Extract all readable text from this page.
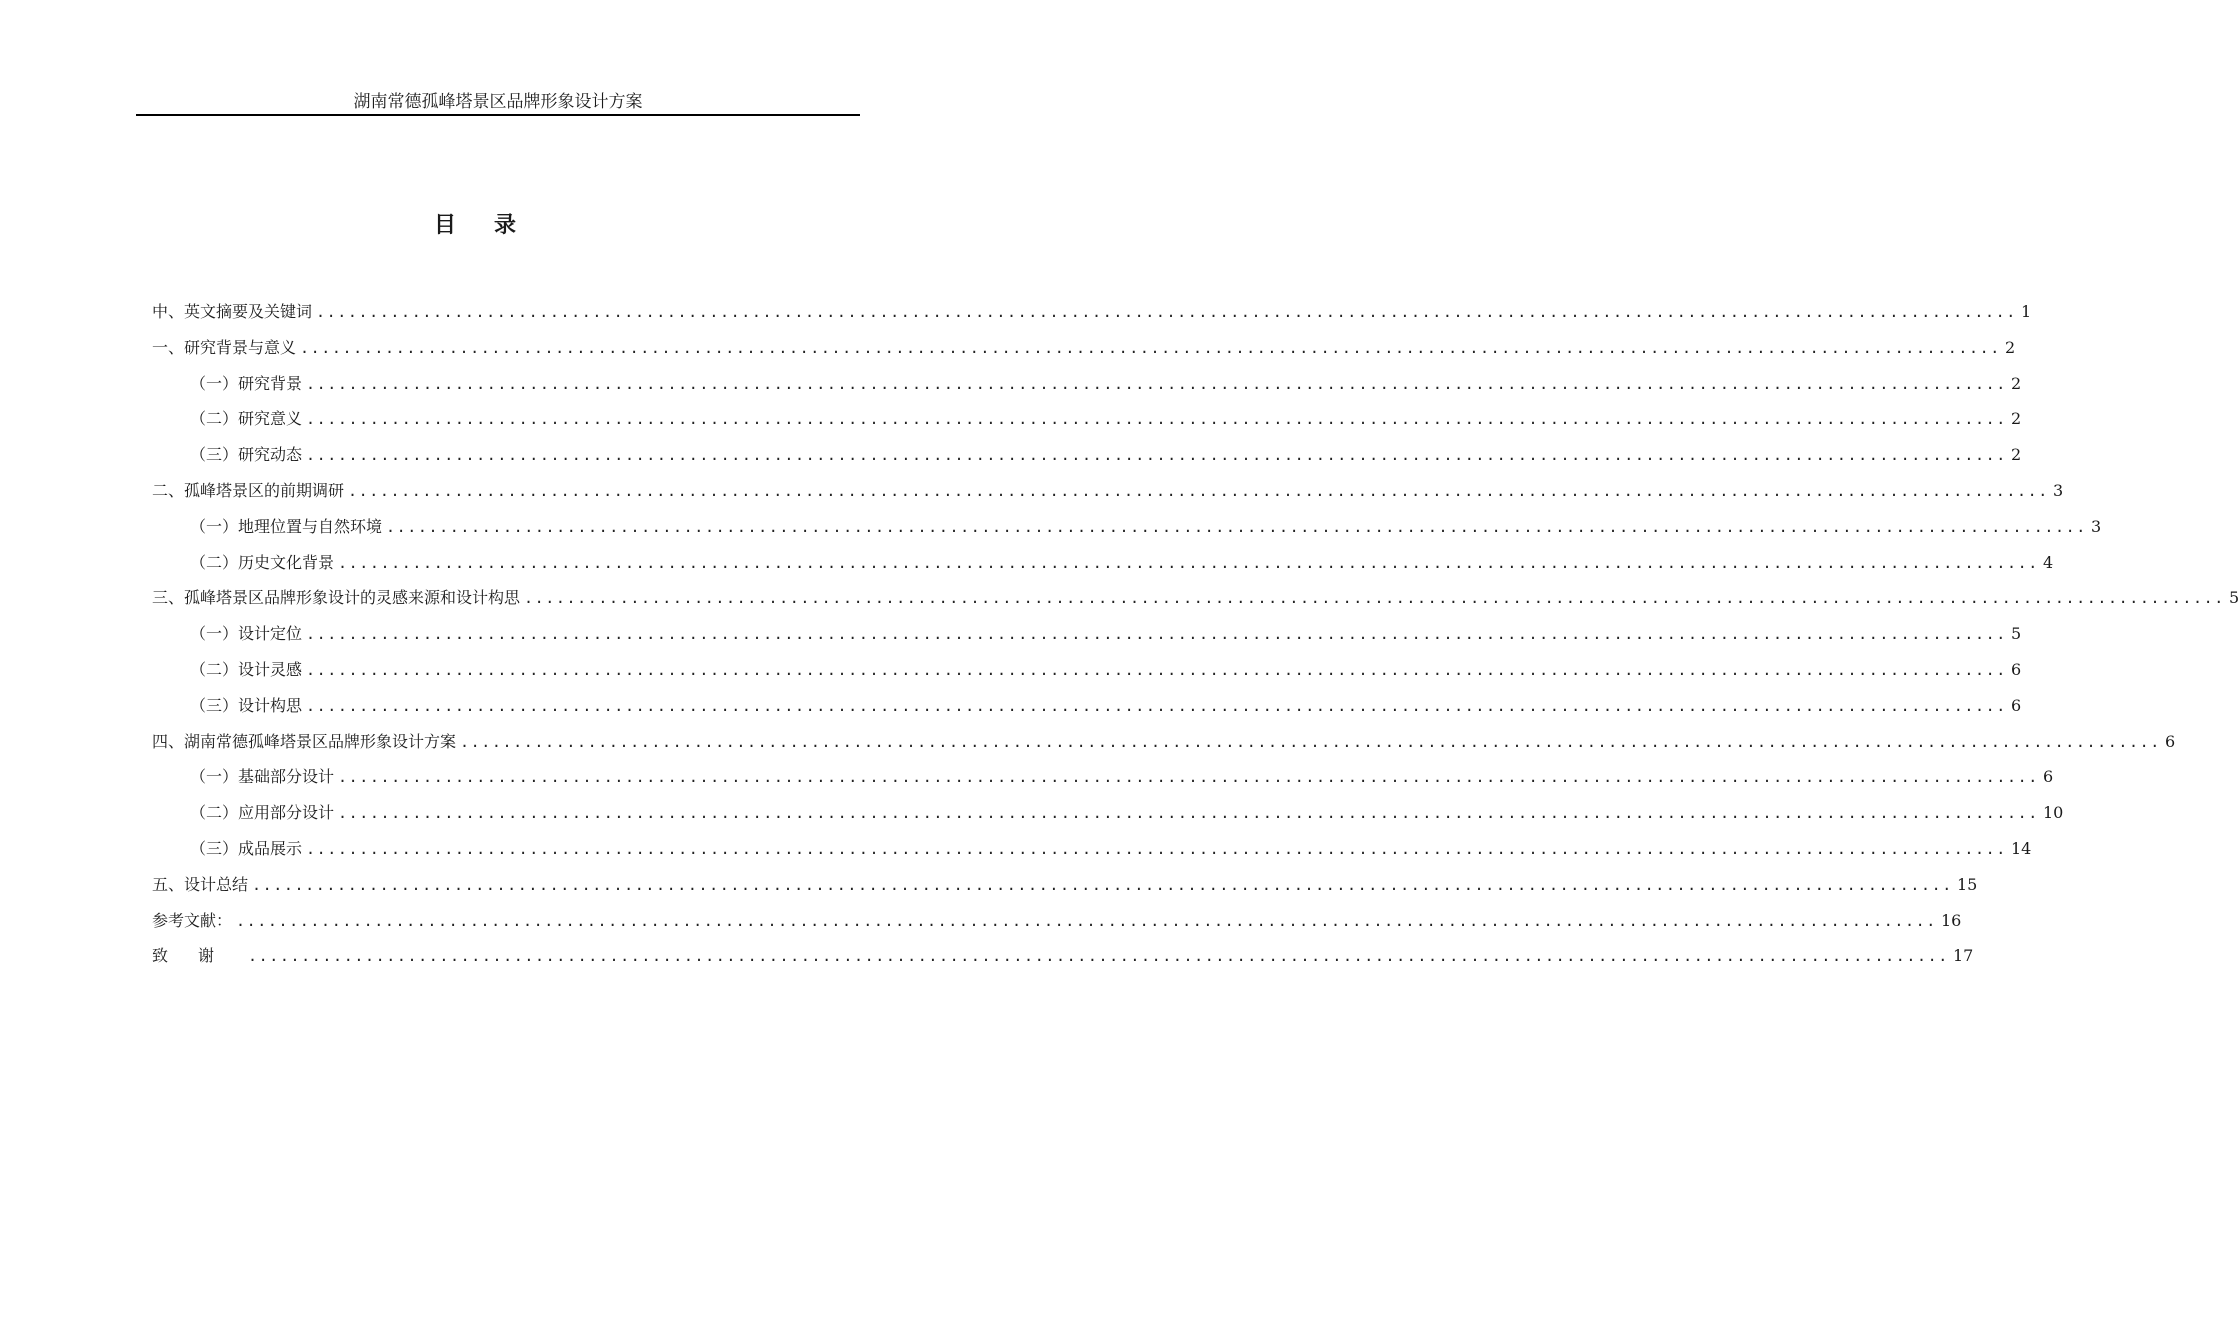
湖南常德孤峰塔景区品牌形象设计方案
目录
中、英文摘要及关键词 ................................................................................................................................................................ 1
一、研究背景与意义 ................................................................................................................................................................ 2
（一）研究背景 ................................................................................................................................................................ 2
（二）研究意义 ................................................................................................................................................................ 2
（三）研究动态 ................................................................................................................................................................ 2
二、孤峰塔景区的前期调研 ................................................................................................................................................................ 3
（一）地理位置与自然环境 ................................................................................................................................................................ 3
（二）历史文化背景 ................................................................................................................................................................ 4
三、孤峰塔景区品牌形象设计的灵感来源和设计构思 ................................................................................................................................................................ 5
（一）设计定位 ................................................................................................................................................................ 5
（二）设计灵感 ................................................................................................................................................................ 6
（三）设计构思 ................................................................................................................................................................ 6
四、湖南常德孤峰塔景区品牌形象设计方案 ................................................................................................................................................................ 6
（一）基础部分设计 ................................................................................................................................................................ 6
（二）应用部分设计 ................................................................................................................................................................ 10
（三）成品展示 ................................................................................................................................................................ 14
五、设计总结 ................................................................................................................................................................ 15
参考文献： ................................................................................................................................................................ 16
致谢 ................................................................................................................................................................ 17
